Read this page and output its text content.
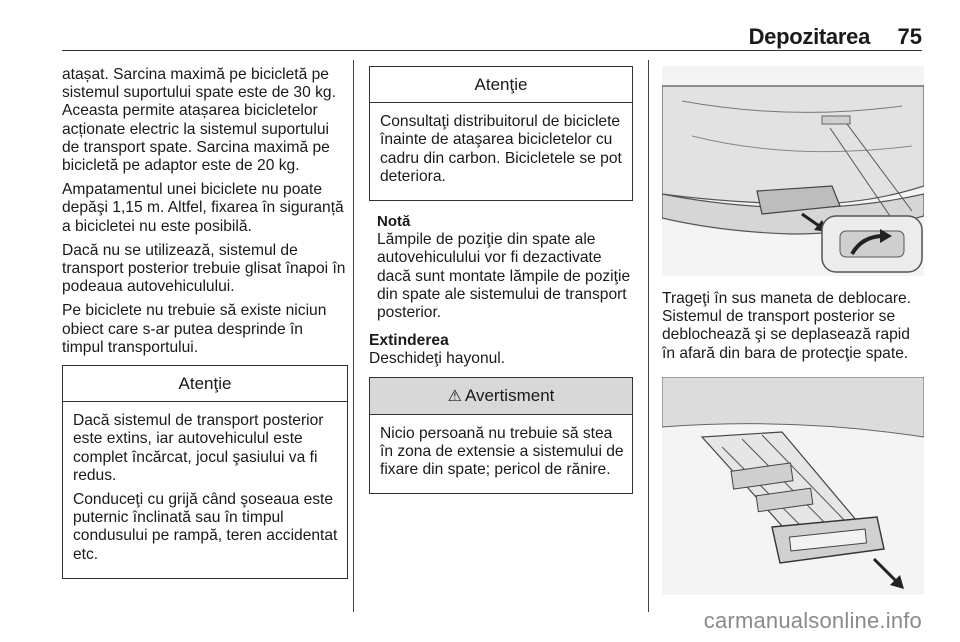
Depozitarea 75

atașat. Sarcina maximă pe bicicletă pe sistemul suportului spate este de 30 kg. Aceasta permite atașarea bicicletelor acționate electric la sistemul suportului de transport spate. Sarcina maximă pe bicicletă pe adaptor este de 20 kg.

Ampatamentul unei biciclete nu poate depăşi 1,15 m. Altfel, fixarea în siguranță a bicicletei nu este posibilă.

Dacă nu se utilizează, sistemul de transport posterior trebuie glisat înapoi în podeaua autovehiculului.

Pe biciclete nu trebuie să existe niciun obiect care s-ar putea desprinde în timpul transportului.

Atenţie

Dacă sistemul de transport posterior este extins, iar autovehiculul este complet încărcat, jocul şasiului va fi redus.

Conduceţi cu grijă când şoseaua este puternic înclinată sau în timpul condusului pe rampă, teren accidentat etc.

Atenţie

Consultaţi distribuitorul de biciclete înainte de ataşarea bicicletelor cu cadru din carbon. Bicicletele se pot deteriora.

Notă
Lămpile de poziţie din spate ale autovehiculului vor fi dezactivate dacă sunt montate lămpile de poziţie din spate ale sistemului de transport posterior.
Extinderea

Deschideţi hayonul.

⚠ Avertisment

Nicio persoană nu trebuie să stea în zona de extensie a sistemului de fixare din spate; pericol de rănire.

Trageţi în sus maneta de deblocare. Sistemul de transport posterior se deblochează şi se deplasează rapid în afară din bara de protecţie spate.

carmanualsonline.info
